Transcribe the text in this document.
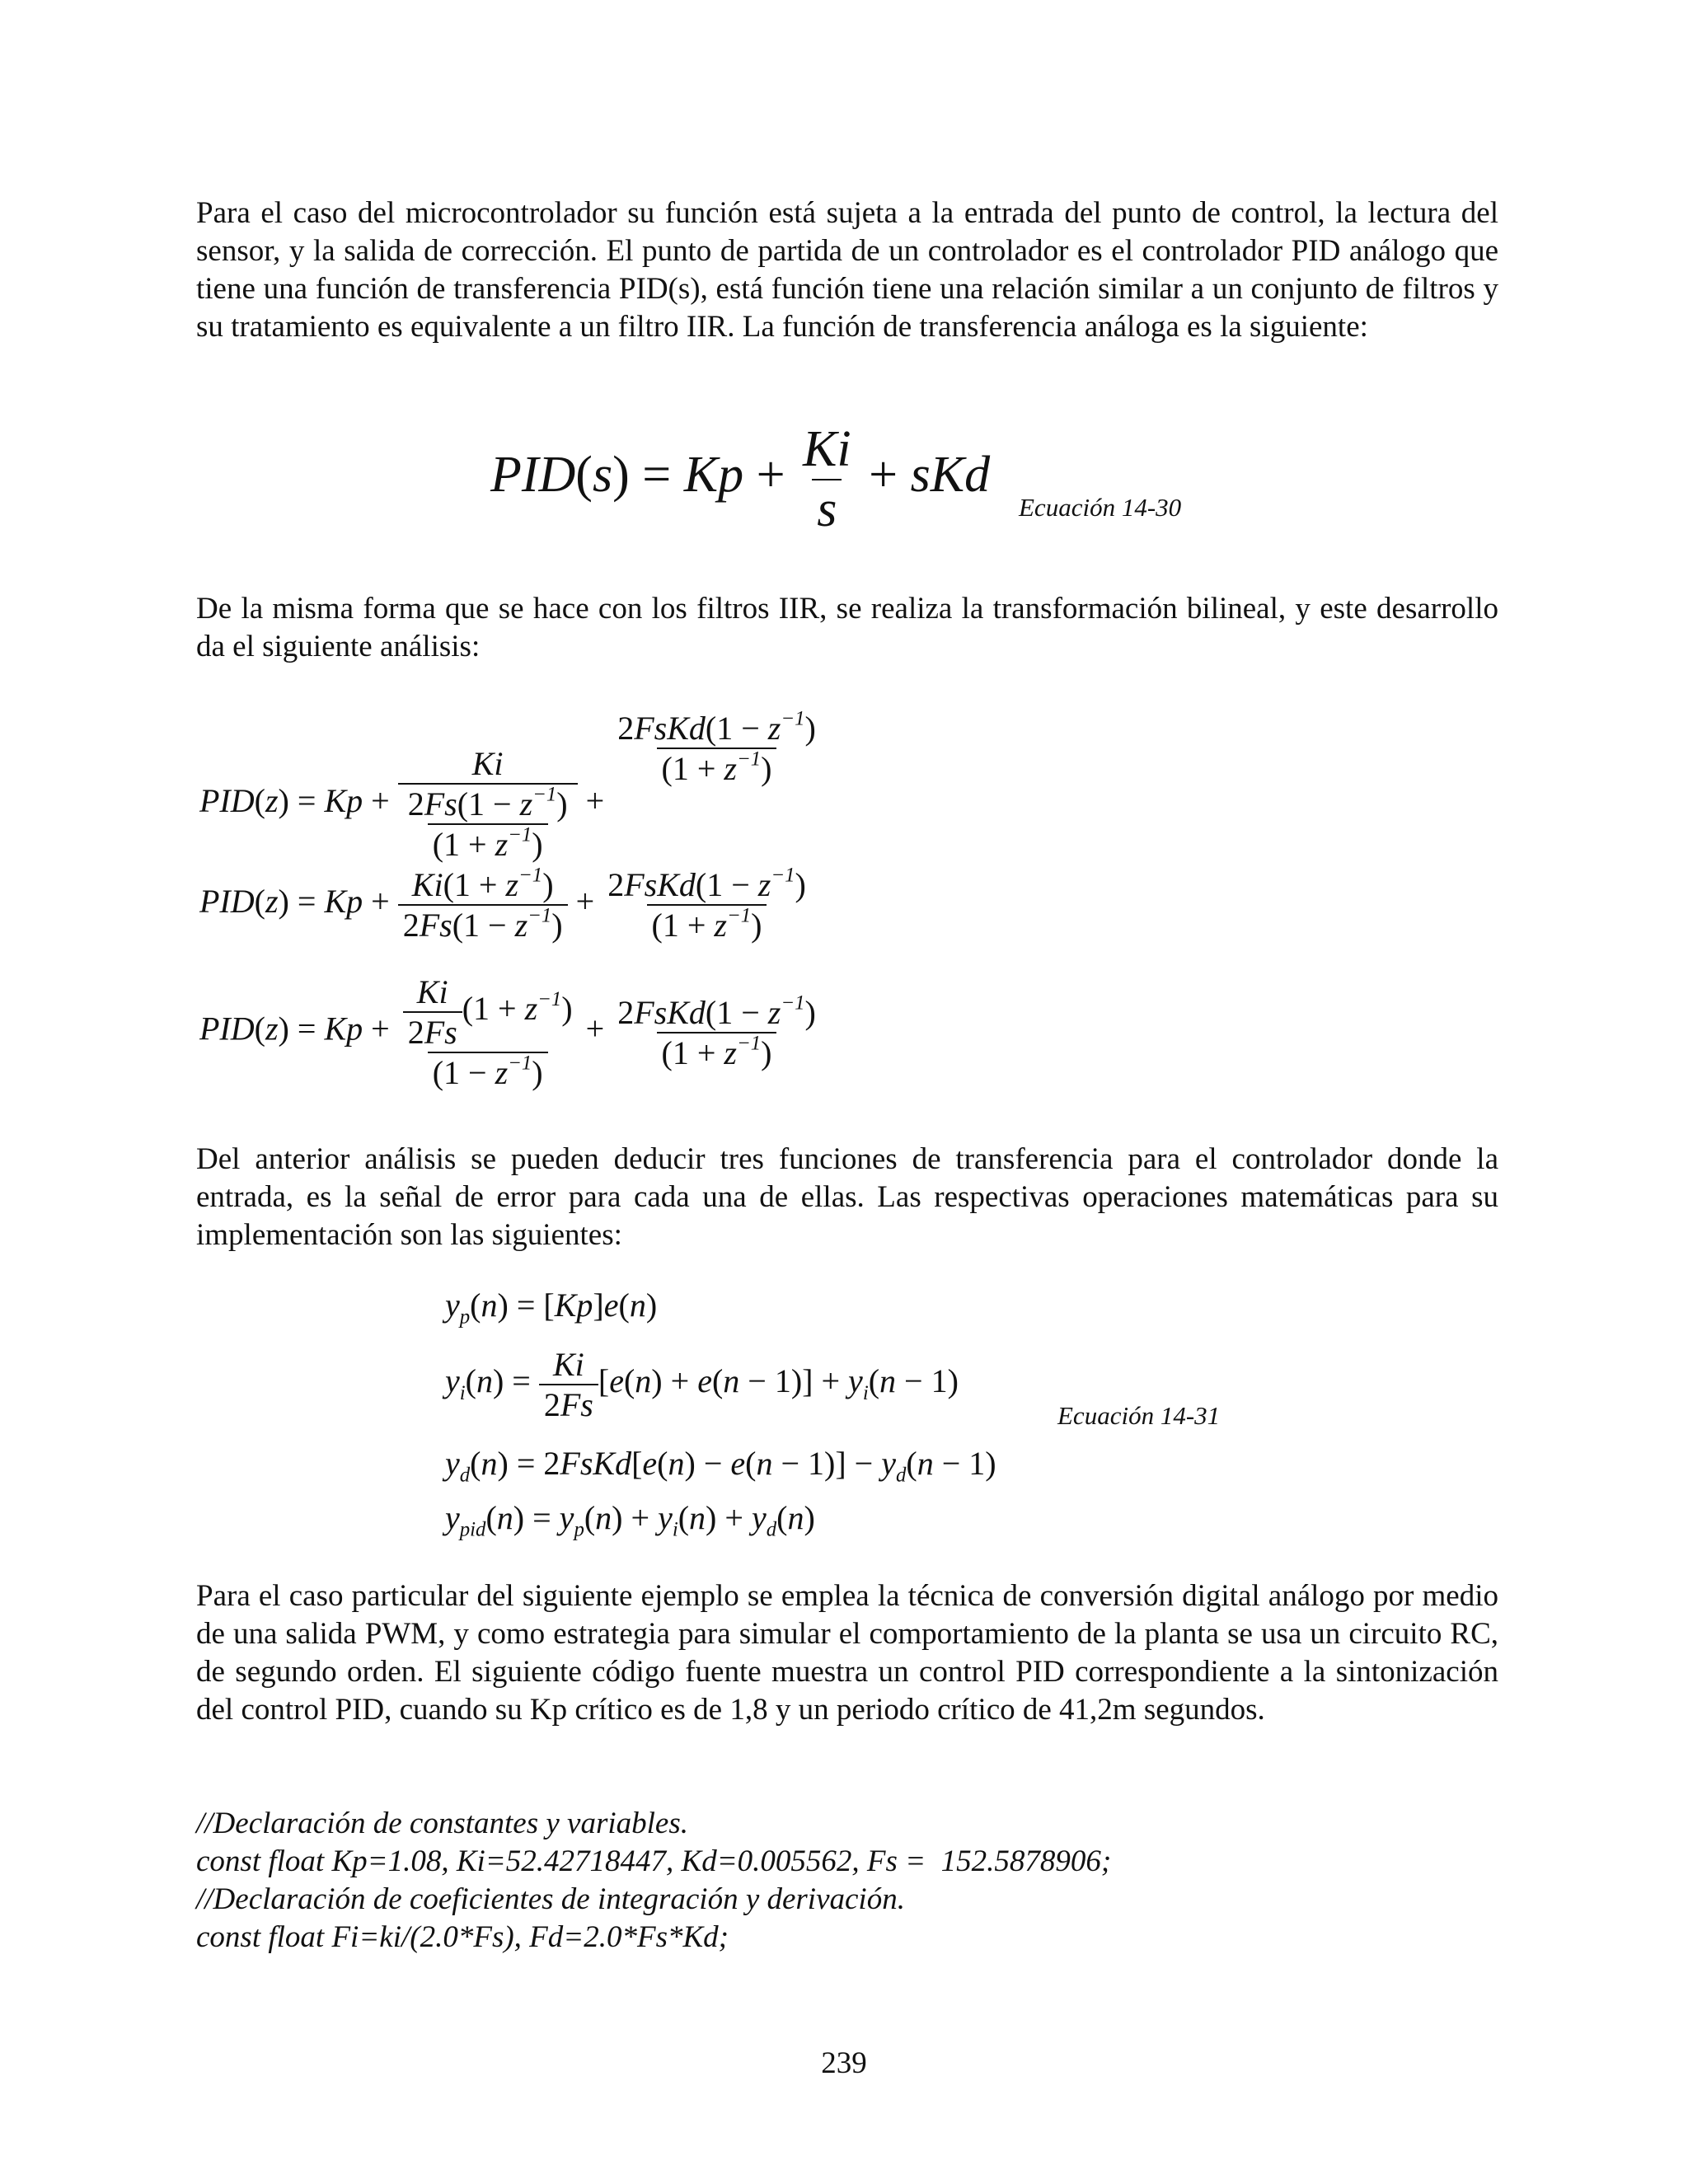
Para el caso del microcontrolador su función está sujeta a la entrada del punto de control, la lectura del sensor, y la salida de corrección. El punto de partida de un controlador es el controlador PID análogo que tiene una función de transferencia PID(s), está función tiene una relación similar a un conjunto de filtros y su tratamiento es equivalente a un filtro IIR. La función de transferencia análoga es la siguiente:

$PID(s) = Kp + \frac{Ki}{s}$ + sKd
Ecuación 14-30

De la misma forma que se hace con los filtros IIR, se realiza la transformación bilineal, y este desarrollo da el siguiente análisis:

$PID(z) = Kp + \frac{Ki}{\frac{2Fs(1 - z^{-1})}{(1 + z^{-1})}}$ +
$\frac{2FsKd(1 - z^{-1})}{(1 + z^{-1})}$
$PID(z) = Kp + \frac{Ki(1 + z^{-1})}{2Fs(1 - z^{-1})} + \frac{2FsKd(1 - z^{-1})}{(1 + z^{-1})}$
$PID(z) = Kp + \frac{\frac{Ki}{2Fs} (1 + z^{-1})}{(1 - z^{-1})} + \frac{2FsKd(1 - z^{-1})}{(1 + z^{-1})}$

Del anterior análisis se pueden deducir tres funciones de transferencia para el controlador donde la entrada, es la señal de error para cada una de ellas. Las respectivas operaciones matemáticas para su implementación son las siguientes:

$y_p(n) = [Kp]e(n)$
$y_i(n) = \frac{Ki}{2Fs} [e(n) + e(n - 1)] + y_i(n - 1)$
$y_d(n)$ = 2FsKd[e(n) − $e(n - 1)] - y_d(n - 1)$
$y_{pid}(n) = y_p(n) + y_i(n) + y_d(n)$
Ecuación 14-31

Para el caso particular del siguiente ejemplo se emplea la técnica de conversión digital análogo por medio de una salida PWM, y como estrategia para simular el comportamiento de la planta se usa un circuito RC, de segundo orden. El siguiente código fuente muestra un control PID correspondiente a la sintonización del control PID, cuando su Kp crítico es de 1,8 y un periodo crítico de 41,2m segundos.

//Declaración de constantes y variables.
const float Kp=1.08, Ki=52.42718447, Kd=0.005562, Fs =  152.5878906;
//Declaración de coeficientes de integración y derivación.
const float Fi=ki/(2.0*Fs), Fd=2.0*Fs*Kd;
239
